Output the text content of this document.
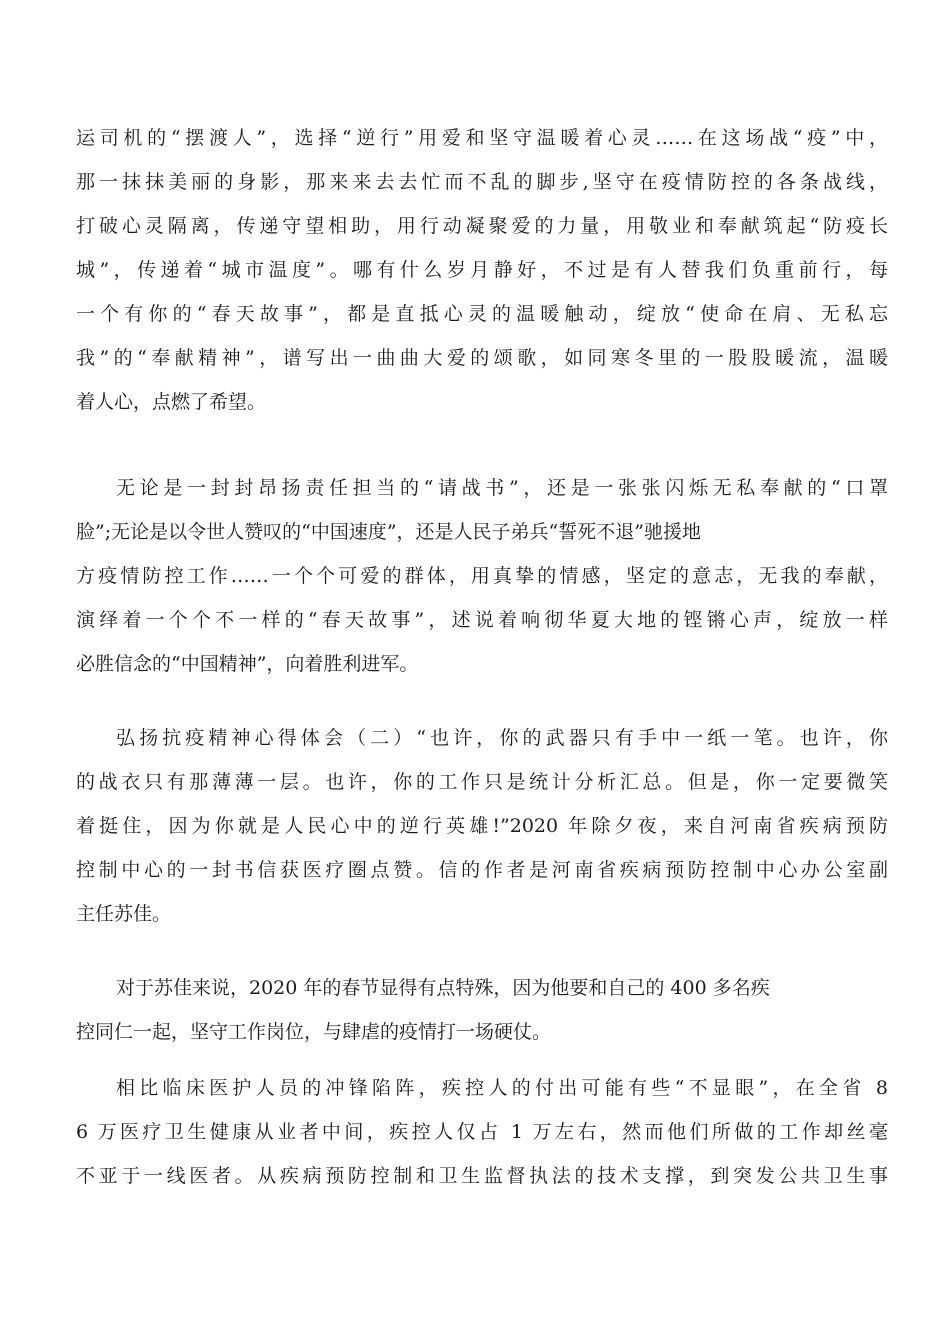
运司机的“摆渡人”，选择“逆行”用爱和坚守温暖着心灵……在这场战“疫”中，
那一抹抹美丽的身影，那来来去去忙而不乱的脚步,坚守在疫情防控的各条战线，
打破心灵隔离，传递守望相助，用行动凝聚爱的力量，用敬业和奉献筑起“防疫长
城”，传递着“城市温度”。哪有什么岁月静好，不过是有人替我们负重前行，每
一个有你的“春天故事”，都是直抵心灵的温暖触动，绽放“使命在肩、无私忘
我”的“奉献精神”，谱写出一曲曲大爱的颂歌，如同寒冬里的一股股暖流，温暖
着人心，点燃了希望。
无论是一封封昂扬责任担当的“请战书”，还是一张张闪烁无私奉献的“口罩
脸”;无论是以令世人赞叹的“中国速度”，还是人民子弟兵“誓死不退”驰援地
方疫情防控工作……一个个可爱的群体，用真挚的情感，坚定的意志，无我的奉献，
演绎着一个个不一样的“春天故事”，述说着响彻华夏大地的铿锵心声，绽放一样
必胜信念的“中国精神”，向着胜利进军。
弘扬抗疫精神心得体会（二）“也许，你的武器只有手中一纸一笔。也许，你
的战衣只有那薄薄一层。也许，你的工作只是统计分析汇总。但是，你一定要微笑
着挺住，因为你就是人民心中的逆行英雄!”2020 年除夕夜，来自河南省疾病预防
控制中心的一封书信获医疗圈点赞。信的作者是河南省疾病预防控制中心办公室副
主任苏佳。
对于苏佳来说，2020 年的春节显得有点特殊，因为他要和自己的 400 多名疾
控同仁一起，坚守工作岗位，与肆虐的疫情打一场硬仗。
相比临床医护人员的冲锋陷阵，疾控人的付出可能有些“不显眼”，在全省 8
6 万医疗卫生健康从业者中间，疾控人仅占 1 万左右，然而他们所做的工作却丝毫
不亚于一线医者。从疾病预防控制和卫生监督执法的技术支撑，到突发公共卫生事
